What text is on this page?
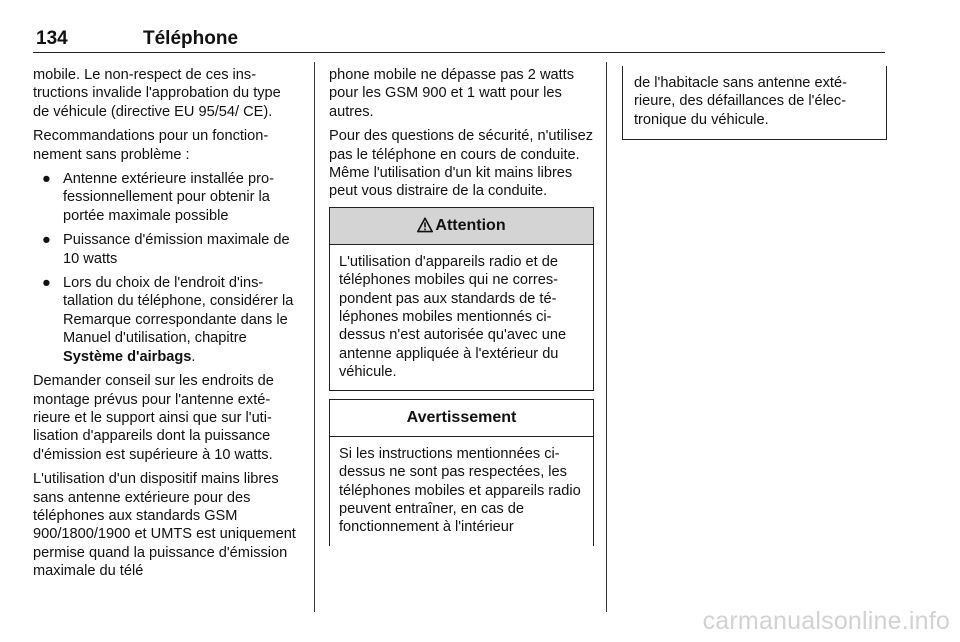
134	Téléphone

mobile. Le non-respect de ces instructions invalide l'approbation du type de véhicule (directive EU 95/54/ CE).

Recommandations pour un fonctionnement sans problème :

● Antenne extérieure installée professionnellement pour obtenir la portée maximale possible
● Puissance d'émission maximale de 10 watts
● Lors du choix de l'endroit d'installation du téléphone, considérer la Remarque correspondante dans le Manuel d'utilisation, chapitre Système d'airbags.

Demander conseil sur les endroits de montage prévus pour l'antenne extérieure et le support ainsi que sur l'utilisation d'appareils dont la puissance d'émission est supérieure à 10 watts.

L'utilisation d'un dispositif mains libres sans antenne extérieure pour des téléphones aux standards GSM 900/1800/1900 et UMTS est uniquement permise quand la puissance d'émission maximale du télé

phone mobile ne dépasse pas 2 watts pour les GSM 900 et 1 watt pour les autres.

Pour des questions de sécurité, n'utilisez pas le téléphone en cours de conduite. Même l'utilisation d'un kit mains libres peut vous distraire de la conduite.

Attention
L'utilisation d'appareils radio et de téléphones mobiles qui ne correspondent pas aux standards de téléphones mobiles mentionnés ci-dessus n'est autorisée qu'avec une antenne appliquée à l'extérieur du véhicule.
Avertissement
Si les instructions mentionnées ci-dessus ne sont pas respectées, les téléphones mobiles et appareils radio peuvent entraîner, en cas de fonctionnement à l'intérieur
de l'habitacle sans antenne extérieure, des défaillances de l'électronique du véhicule.
carmanualsonline.info
